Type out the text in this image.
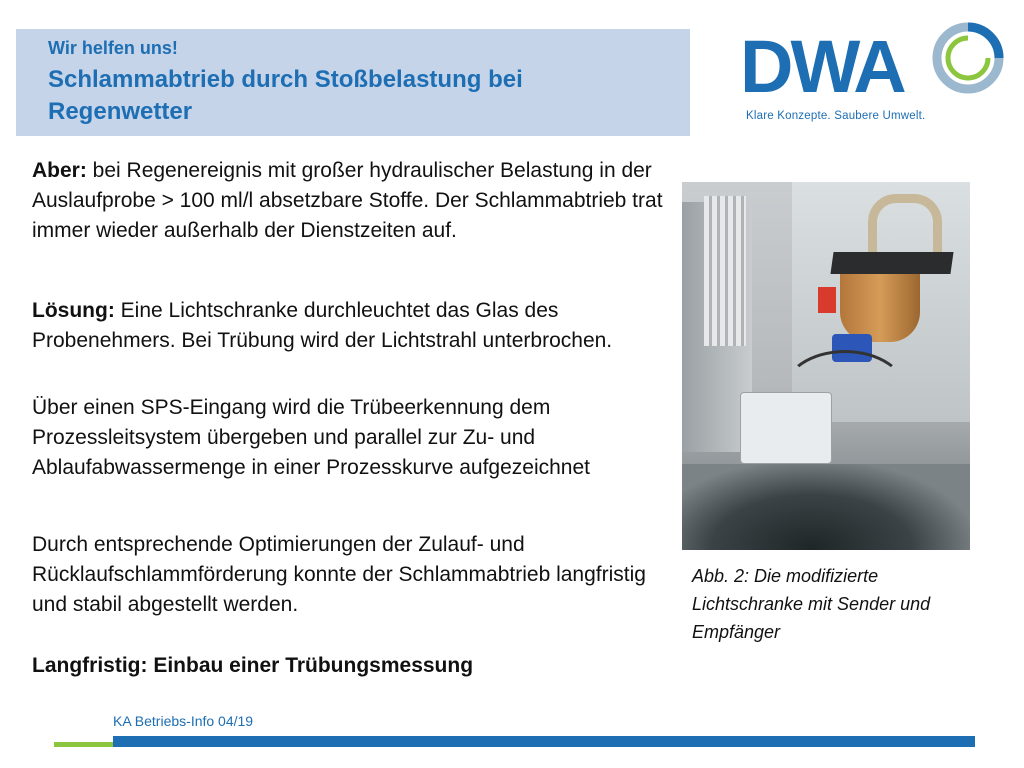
Wir helfen uns!
Schlammabtrieb durch Stoßbelastung bei Regenwetter
DWA
Klare Konzepte. Saubere Umwelt.
Aber: bei Regenereignis mit großer hydraulischer Belastung in der Auslaufprobe > 100 ml/l absetzbare Stoffe. Der Schlammabtrieb trat immer wieder außerhalb der Dienstzeiten auf.
Lösung: Eine Lichtschranke durchleuchtet das Glas des Probenehmers. Bei Trübung wird der Lichtstrahl unterbrochen.
Über einen SPS-Eingang wird die Trübeerkennung dem Prozessleitsystem übergeben und parallel zur Zu- und Ablaufabwassermenge in einer Prozesskurve aufgezeichnet
Durch entsprechende Optimierungen der Zulauf- und Rücklaufschlammförderung konnte der Schlammabtrieb langfristig und stabil abgestellt werden.
Langfristig: Einbau einer Trübungsmessung
Abb. 2: Die modifizierte Lichtschranke mit Sender und Empfänger
KA Betriebs-Info 04/19
